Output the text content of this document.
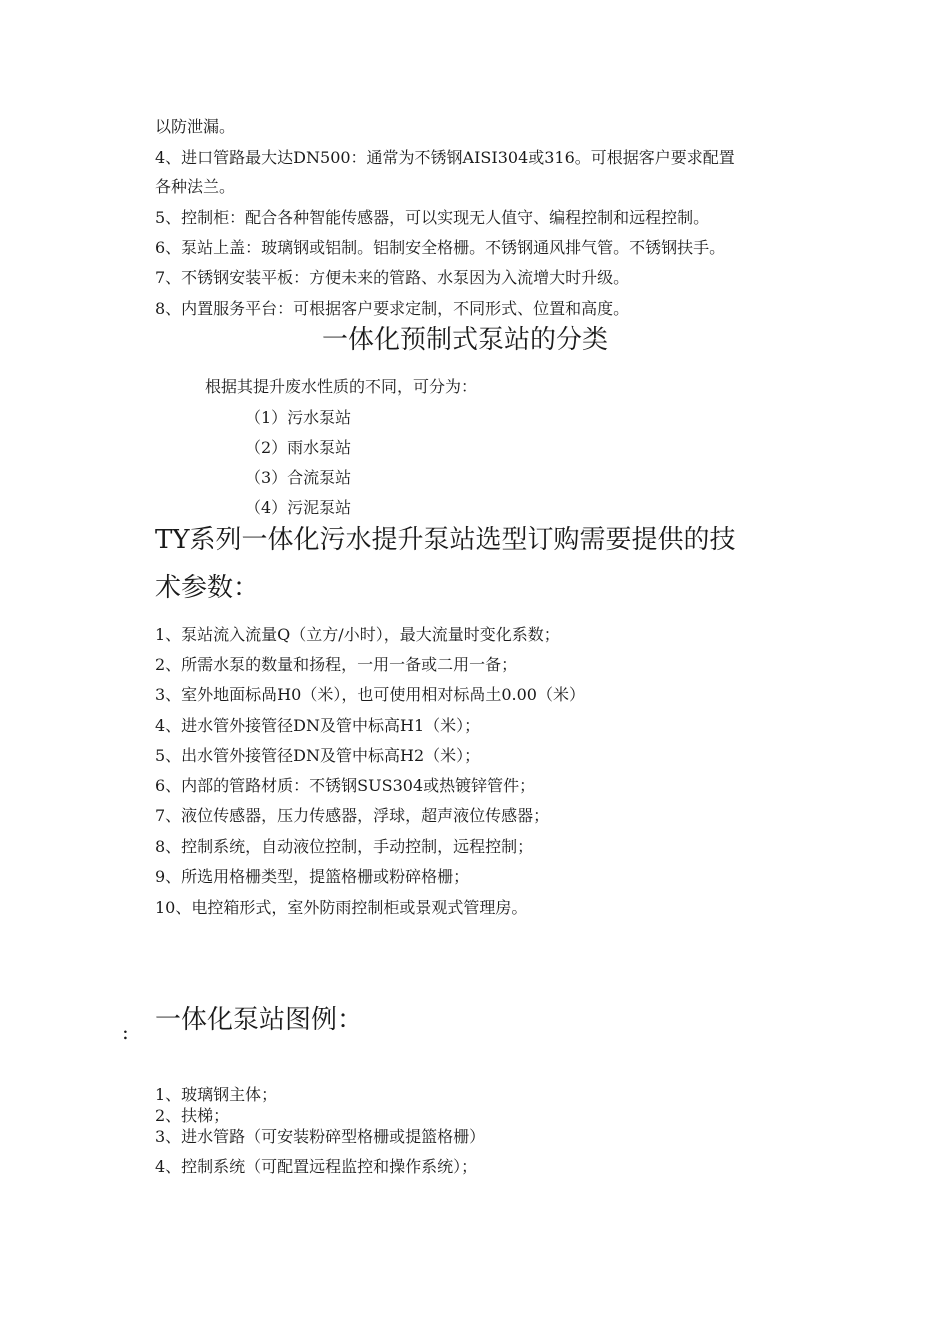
以防泄漏。
4、进口管路最大达DN500：通常为不锈钢AISI304或316。可根据客户要求配置
各种法兰。
5、控制柜：配合各种智能传感器，可以实现无人值守、编程控制和远程控制。
6、泵站上盖：玻璃钢或铝制。铝制安全格栅。不锈钢通风排气管。不锈钢扶手。
7、不锈钢安装平板：方便未来的管路、水泵因为入流增大时升级。
8、内置服务平台：可根据客户要求定制，不同形式、位置和高度。
一体化预制式泵站的分类
根据其提升废水性质的不同，可分为：
（1）污水泵站
（2）雨水泵站
（3）合流泵站
（4）污泥泵站
TY系列一体化污水提升泵站选型订购需要提供的技
术参数：
1、泵站流入流量Q（立方/小时），最大流量时变化系数；
2、所需水泵的数量和扬程，一用一备或二用一备；
3、室外地面标咼H0（米），也可使用相对标咼土0.00（米）
4、进水管外接管径DN及管中标高H1（米）；
5、出水管外接管径DN及管中标高H2（米）；
6、内部的管路材质：不锈钢SUS304或热镀锌管件；
7、液位传感器，压力传感器，浮球，超声液位传感器；
8、控制系统，自动液位控制，手动控制，远程控制；
9、所选用格栅类型，提篮格栅或粉碎格栅；
10、电控箱形式，室外防雨控制柜或景观式管理房。
: 一体化泵站图例：
1、玻璃钢主体；
2、扶梯；
3、进水管路（可安装粉碎型格栅或提篮格栅）
4、控制系统（可配置远程监控和操作系统）；
